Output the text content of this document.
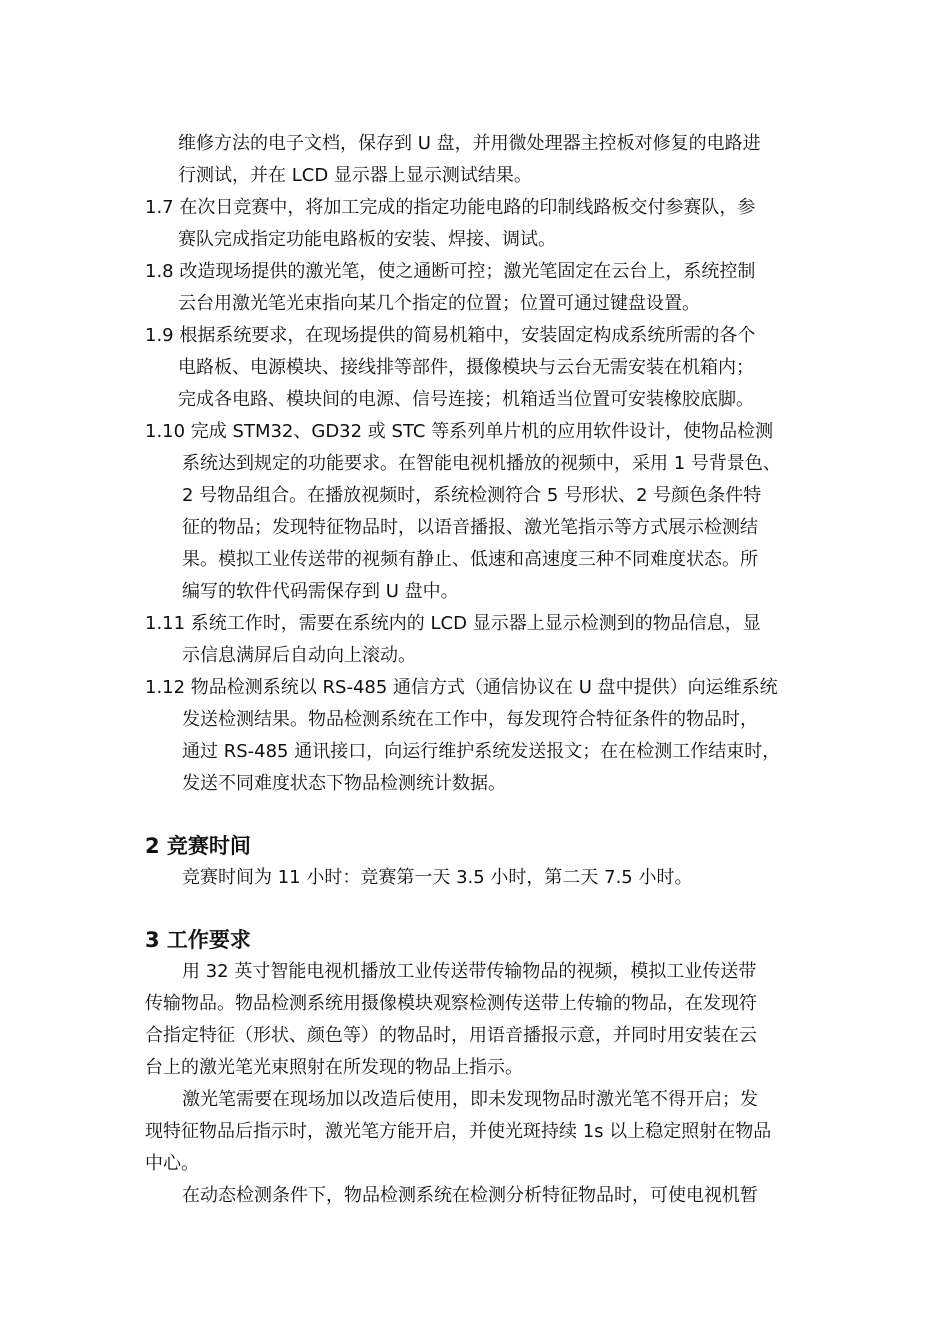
维修方法的电子文档，保存到 U 盘，并用微处理器主控板对修复的电路进
行测试，并在 LCD 显示器上显示测试结果。
1.7 在次日竞赛中，将加工完成的指定功能电路的印制线路板交付参赛队，参
赛队完成指定功能电路板的安装、焊接、调试。
1.8 改造现场提供的激光笔，使之通断可控；激光笔固定在云台上，系统控制
云台用激光笔光束指向某几个指定的位置；位置可通过键盘设置。
1.9 根据系统要求，在现场提供的简易机箱中，安装固定构成系统所需的各个
电路板、电源模块、接线排等部件，摄像模块与云台无需安装在机箱内；
完成各电路、模块间的电源、信号连接；机箱适当位置可安装橡胶底脚。
1.10 完成 STM32、GD32 或 STC 等系列单片机的应用软件设计，使物品检测
系统达到规定的功能要求。在智能电视机播放的视频中，采用 1 号背景色、
2 号物品组合。在播放视频时，系统检测符合 5 号形状、2 号颜色条件特
征的物品；发现特征物品时，以语音播报、激光笔指示等方式展示检测结
果。模拟工业传送带的视频有静止、低速和高速度三种不同难度状态。所
编写的软件代码需保存到 U 盘中。
1.11 系统工作时，需要在系统内的 LCD 显示器上显示检测到的物品信息，显
示信息满屏后自动向上滚动。
1.12 物品检测系统以 RS-485 通信方式（通信协议在 U 盘中提供）向运维系统
发送检测结果。物品检测系统在工作中，每发现符合特征条件的物品时，
通过 RS-485 通讯接口，向运行维护系统发送报文；在在检测工作结束时，
发送不同难度状态下物品检测统计数据。
2 竞赛时间
竞赛时间为 11 小时：竞赛第一天 3.5 小时，第二天 7.5 小时。
3 工作要求
用 32 英寸智能电视机播放工业传送带传输物品的视频，模拟工业传送带
传输物品。物品检测系统用摄像模块观察检测传送带上传输的物品，在发现符
合指定特征（形状、颜色等）的物品时，用语音播报示意，并同时用安装在云
台上的激光笔光束照射在所发现的物品上指示。
激光笔需要在现场加以改造后使用，即未发现物品时激光笔不得开启；发
现特征物品后指示时，激光笔方能开启，并使光斑持续 1s 以上稳定照射在物品
中心。
在动态检测条件下，物品检测系统在检测分析特征物品时，可使电视机暂
